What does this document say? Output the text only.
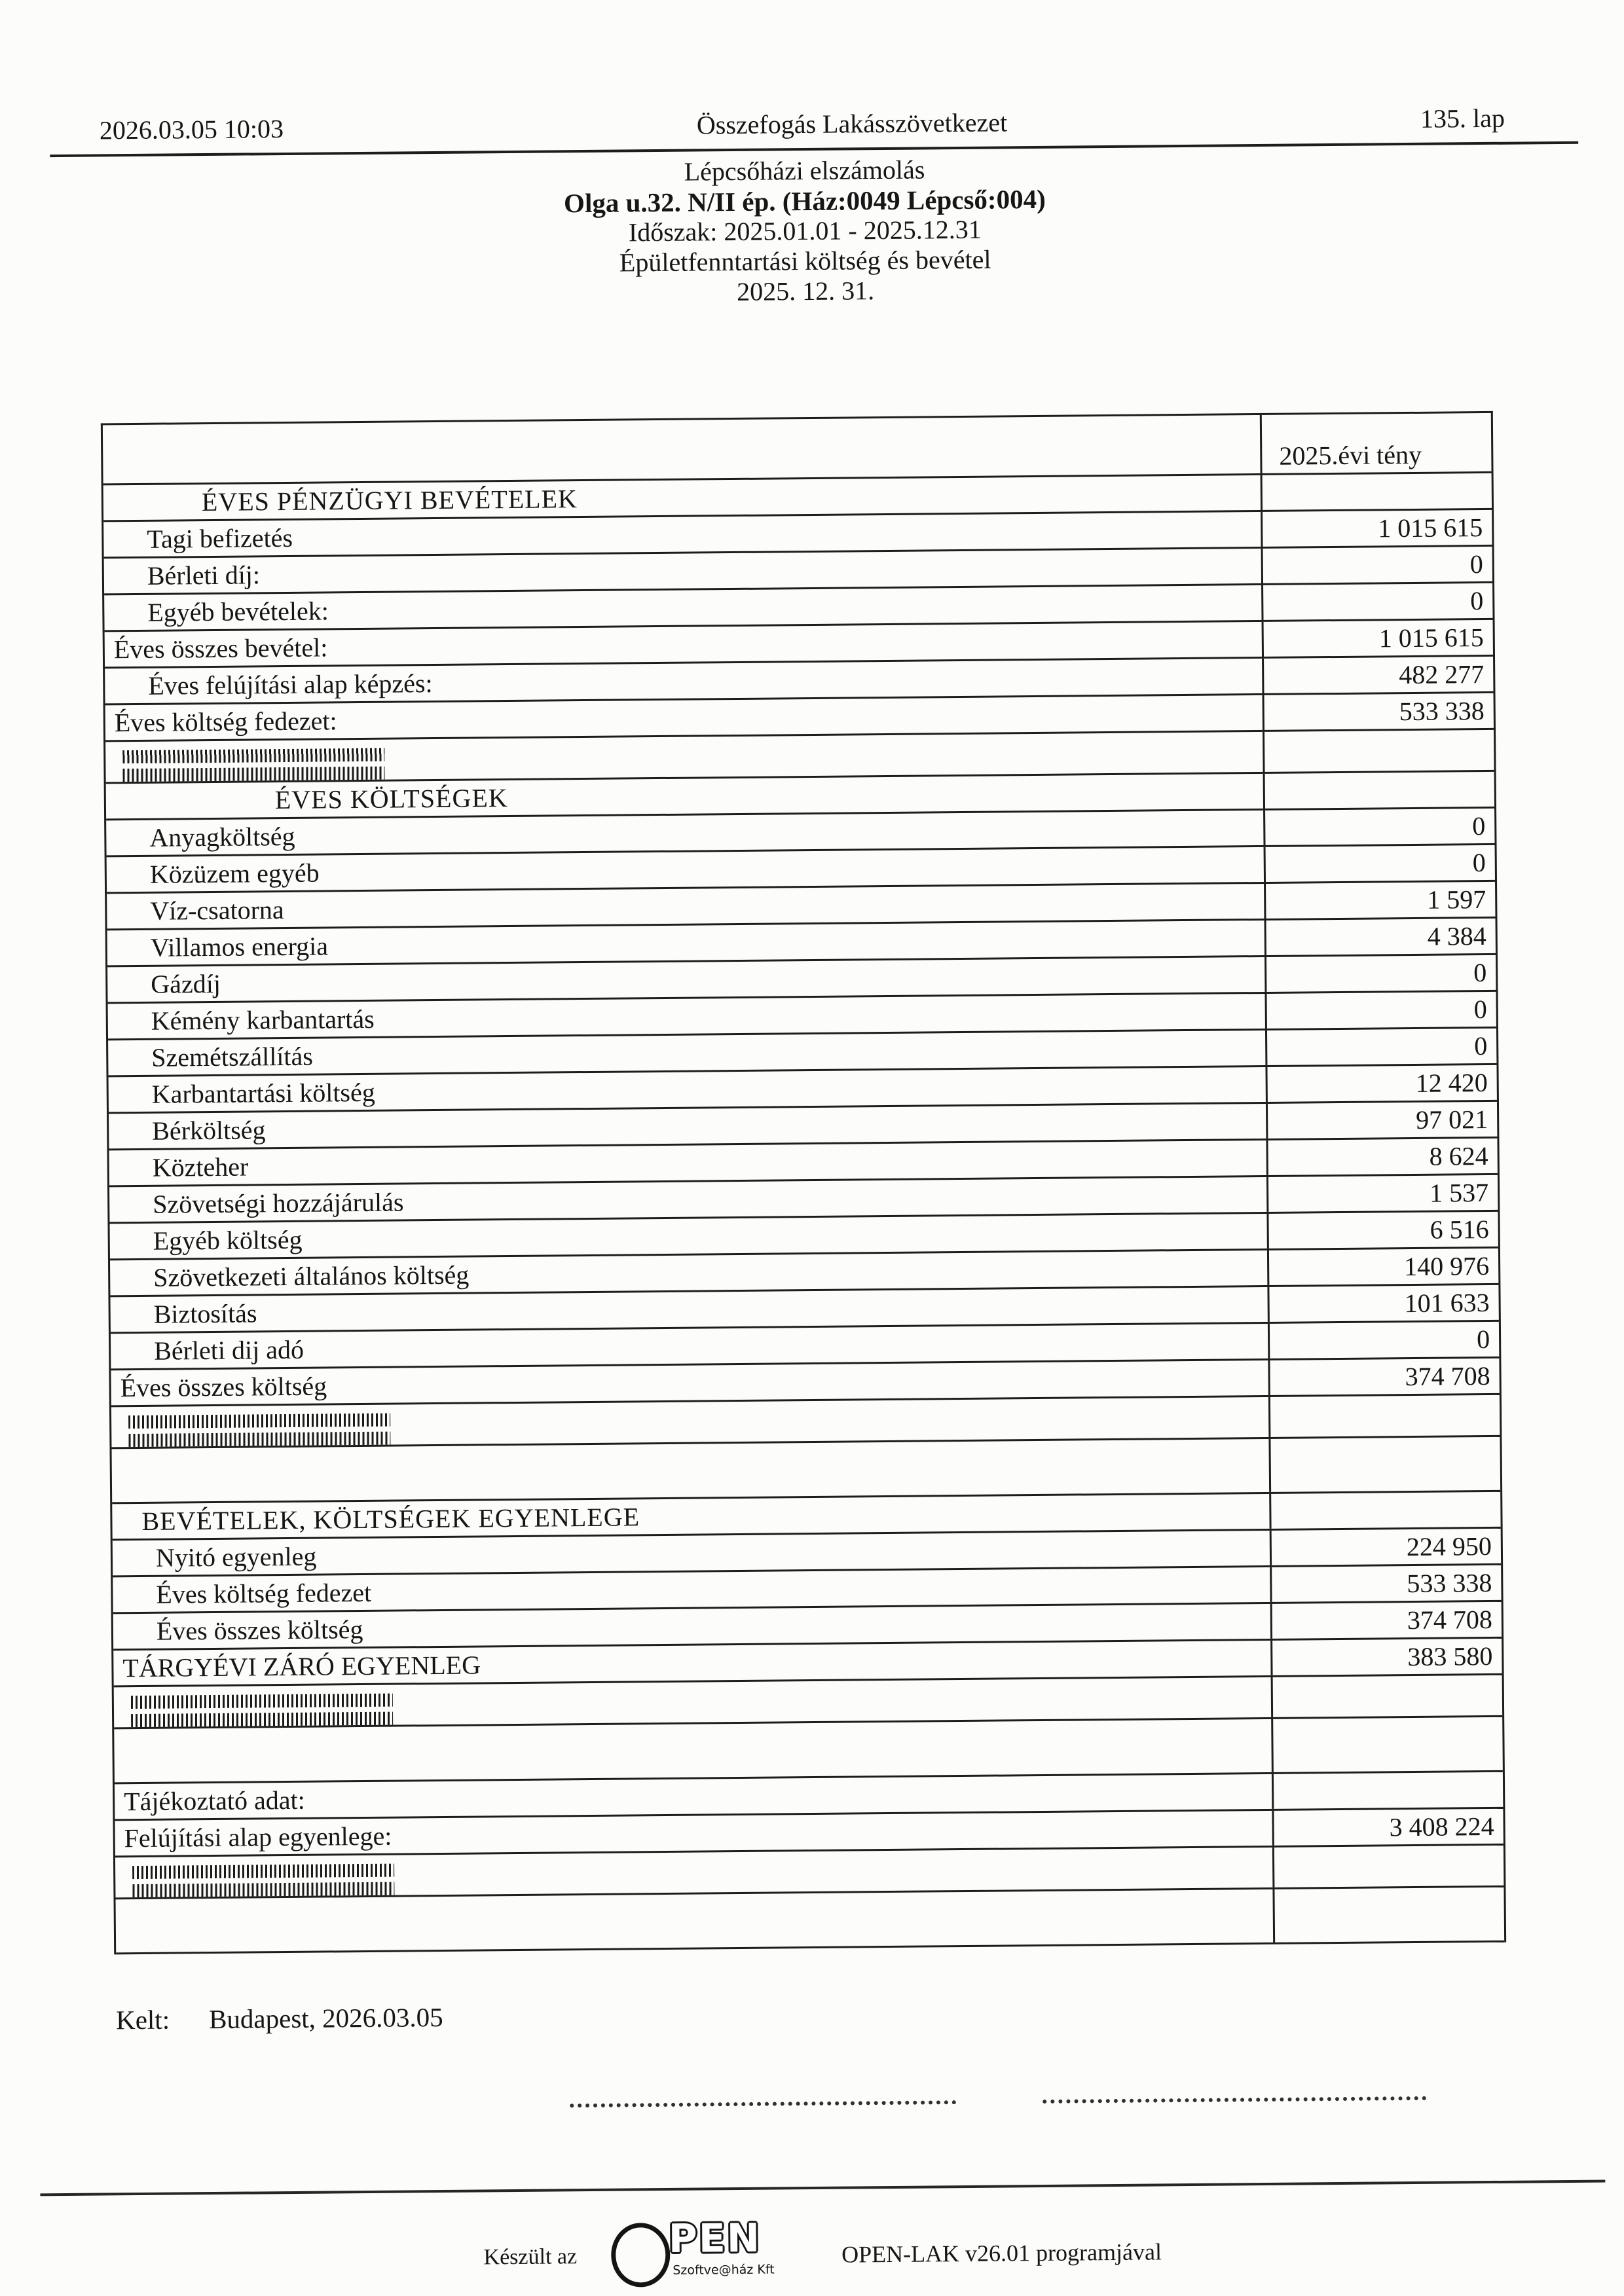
2026.03.05 10:03	Összefogás Lakásszövetkezet	135. lap
Lépcsőházi elszámolás
Olga u.32. N/II ép. (Ház:0049 Lépcső:004)
Időszak: 2025.01.01 - 2025.12.31
Épületfenntartási költség és bevétel
2025. 12. 31.
2025.évi tény
ÉVES PÉNZÜGYI BEVÉTELEK
Tagi befizetés	1 015 615
Bérleti díj:	0
Egyéb bevételek:	0
Éves összes bevétel:	1 015 615
Éves felújítási alap képzés:	482 277
Éves költség fedezet:	533 338
ÉVES KÖLTSÉGEK
Anyagköltség	0
Közüzem egyéb	0
Víz-csatorna	1 597
Villamos energia	4 384
Gázdíj	0
Kémény karbantartás	0
Szemétszállítás	0
Karbantartási költség	12 420
Bérköltség	97 021
Közteher	8 624
Szövetségi hozzájárulás	1 537
Egyéb költség	6 516
Szövetkezeti általános költség	140 976
Biztosítás	101 633
Bérleti dij adó	0
Éves összes költség	374 708
BEVÉTELEK, KÖLTSÉGEK EGYENLEGE
Nyitó egyenleg	224 950
Éves költség fedezet	533 338
Éves összes költség	374 708
TÁRGYÉVI ZÁRÓ EGYENLEG	383 580
Tájékoztató adat:
Felújítási alap egyenlege:	3 408 224
Kelt: Budapest, 2026.03.05
Készült az PEN
Szoftve@ház Kft
OPEN-LAK v26.01 programjával
